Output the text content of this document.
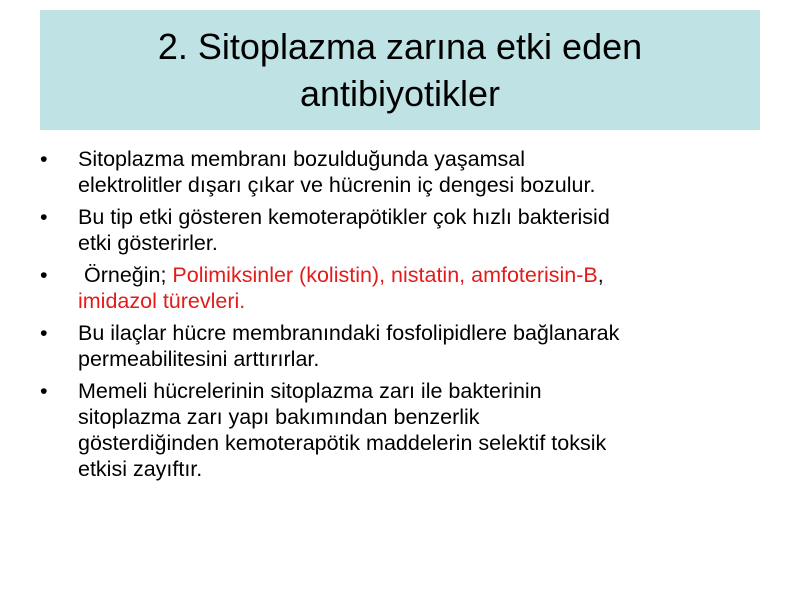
2. Sitoplazma zarına etki eden
antibiyotikler
•	Sitoplazma membranı bozulduğunda yaşamsal
elektrolitler dışarı çıkar ve hücrenin iç dengesi bozulur.
•	Bu tip etki gösteren kemoterapötikler çok hızlı bakterisid
etki gösterirler.
•	Örneğin; Polimiksinler (kolistin), nistatin, amfoterisin-B,
imidazol türevleri.
•	Bu ilaçlar hücre membranındaki fosfolipidlere bağlanarak
permeabilitesini arttırırlar.
•	Memeli hücrelerinin sitoplazma zarı ile bakterinin
sitoplazma zarı yapı bakımından benzerlik
gösterdiğinden kemoterapötik maddelerin selektif toksik
etkisi zayıftır.
